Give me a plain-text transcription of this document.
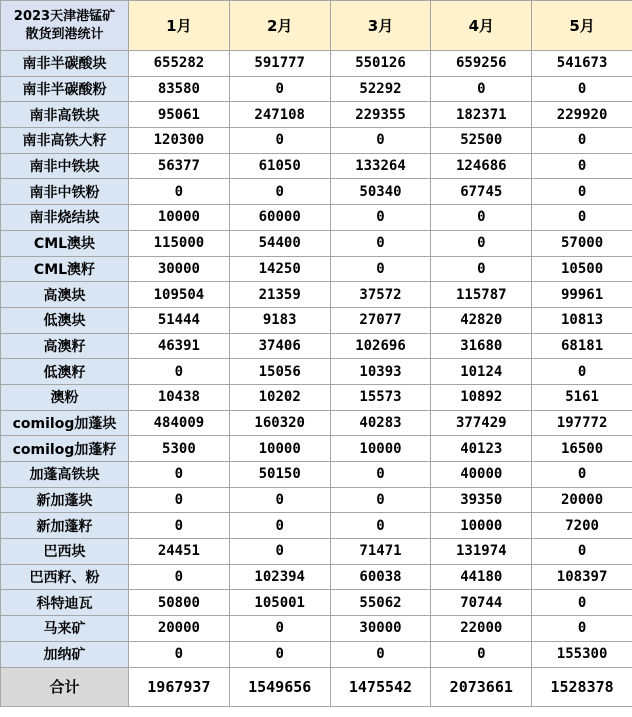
2023天津港锰矿
散货到港统计	1月	2月	3月	4月	5月
南非半碳酸块	655282	591777	550126	659256	541673
南非半碳酸粉	83580	0	52292	0	0
南非高铁块	95061	247108	229355	182371	229920
南非高铁大籽	120300	0	0	52500	0
南非中铁块	56377	61050	133264	124686	0
南非中铁粉	0	0	50340	67745	0
南非烧结块	10000	60000	0	0	0
CML澳块	115000	54400	0	0	57000
CML澳籽	30000	14250	0	0	10500
高澳块	109504	21359	37572	115787	99961
低澳块	51444	9183	27077	42820	10813
高澳籽	46391	37406	102696	31680	68181
低澳籽	0	15056	10393	10124	0
澳粉	10438	10202	15573	10892	5161
comilog加蓬块	484009	160320	40283	377429	197772
comilog加蓬籽	5300	10000	10000	40123	16500
加蓬高铁块	0	50150	0	40000	0
新加蓬块	0	0	0	39350	20000
新加蓬籽	0	0	0	10000	7200
巴西块	24451	0	71471	131974	0
巴西籽、粉	0	102394	60038	44180	108397
科特迪瓦	50800	105001	55062	70744	0
马来矿	20000	0	30000	22000	0
加纳矿	0	0	0	0	155300
合计	1967937	1549656	1475542	2073661	1528378
